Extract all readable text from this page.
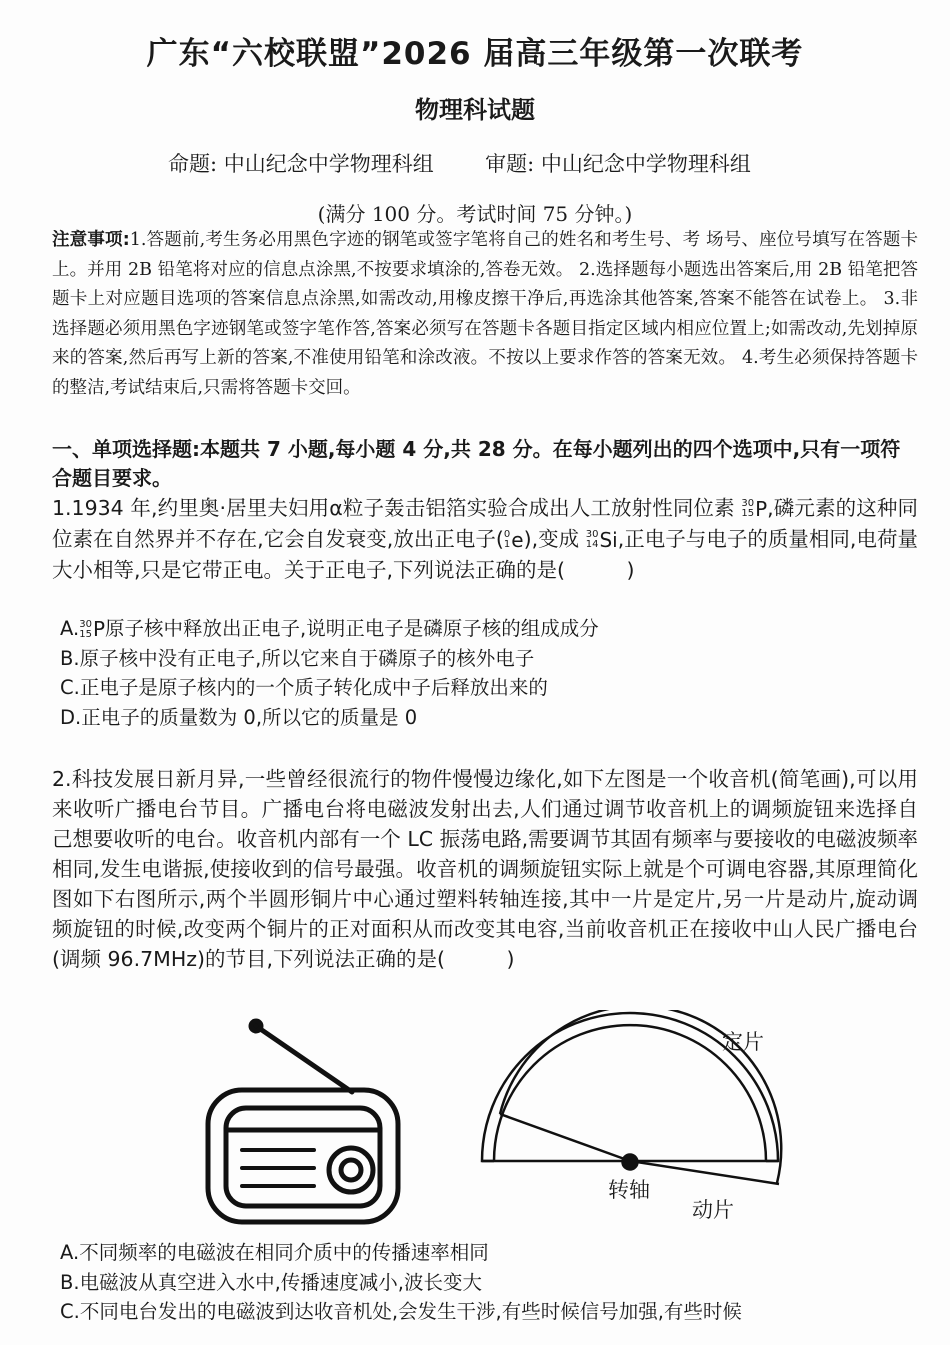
广东“六校联盟”2026 届高三年级第一次联考
物理科试题
命题: 中山纪念中学物理科组 审题: 中山纪念中学物理科组
(满分 100 分。考试时间 75 分钟。)
注意事项:1.答题前,考生务必用黑色字迹的钢笔或签字笔将自己的姓名和考生号、考 场号、座位号填写在答题卡上。并用 2B 铅笔将对应的信息点涂黑,不按要求填涂的,答卷无效。 2.选择题每小题选出答案后,用 2B 铅笔把答题卡上对应题目选项的答案信息点涂黑,如需改动,用橡皮擦干净后,再选涂其他答案,答案不能答在试卷上。 3.非选择题必须用黑色字迹钢笔或签字笔作答,答案必须写在答题卡各题目指定区域内相应位置上;如需改动,先划掉原来的答案,然后再写上新的答案,不准使用铅笔和涂改液。不按以上要求作答的答案无效。 4.考生必须保持答题卡的整洁,考试结束后,只需将答题卡交回。
一、单项选择题:本题共 7 小题,每小题 4 分,共 28 分。在每小题列出的四个选项中,只有一项符合题目要求。
1.1934 年,约里奥·居里夫妇用α粒子轰击铝箔实验合成出人工放射性同位素 30
15 P ,磷元素的这种同位素在自然界并不存在,它会自发衰变,放出正电子( 0
1 e ),变成 30
14 Si ,正电子与电子的质量相同,电荷量大小相等,只是它带正电。关于正电子,下列说法正确的是(　　　)
A. 30
15 P 原子核中释放出正电子,说明正电子是磷原子核的组成成分
B.原子核中没有正电子,所以它来自于磷原子的核外电子
C.正电子是原子核内的一个质子转化成中子后释放出来的
D.正电子的质量数为 0,所以它的质量是 0
2.科技发展日新月异,一些曾经很流行的物件慢慢边缘化,如下左图是一个收音机(简笔画),可以用来收听广播电台节目。广播电台将电磁波发射出去,人们通过调节收音机上的调频旋钮来选择自己想要收听的电台。收音机内部有一个 LC 振荡电路,需要调节其固有频率与要接收的电磁波频率相同,发生电谐振,使接收到的信号最强。收音机的调频旋钮实际上就是个可调电容器,其原理简化图如下右图所示,两个半圆形铜片中心通过塑料转轴连接,其中一片是定片,另一片是动片,旋动调频旋钮的时候,改变两个铜片的正对面积从而改变其电容,当前收音机正在接收中山人民广播电台(调频 96.7MHz)的节目,下列说法正确的是(　　　)
定片
转轴
动片
A.不同频率的电磁波在相同介质中的传播速率相同
B.电磁波从真空进入水中,传播速度减小,波长变大
C.不同电台发出的电磁波到达收音机处,会发生干涉,有些时候信号加强,有些时候
